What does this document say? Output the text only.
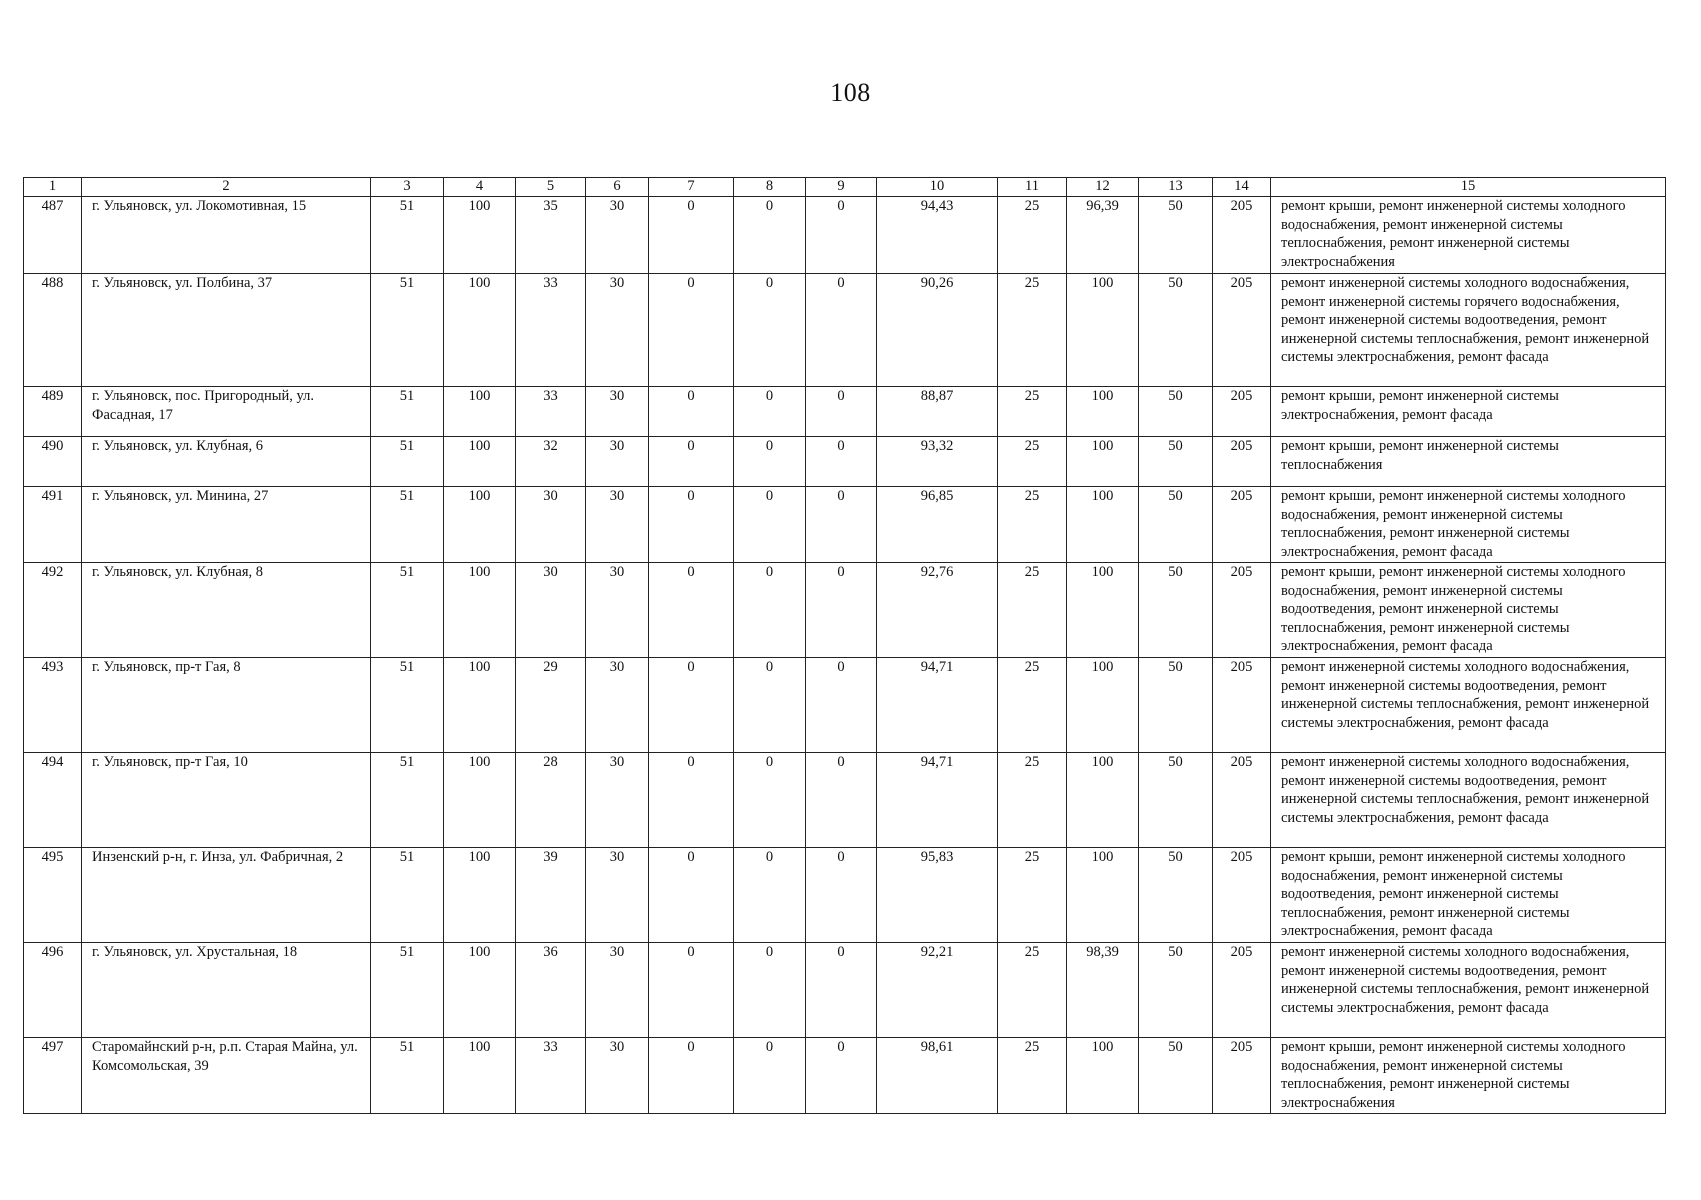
108
1	2	3	4	5	6	7	8	9	10	11	12	13	14	15
487	г. Ульяновск, ул. Локомотивная, 15	51	100	35	30	0	0	0	94,43	25	96,39	50	205	ремонт крыши, ремонт инженерной системы холодного водоснабжения, ремонт инженерной системы теплоснабжения, ремонт инженерной системы электроснабжения
488	г. Ульяновск, ул. Полбина, 37	51	100	33	30	0	0	0	90,26	25	100	50	205	ремонт инженерной системы холодного водоснабжения, ремонт инженерной системы горячего водоснабжения, ремонт инженерной системы водоотведения, ремонт инженерной системы теплоснабжения, ремонт инженерной системы электроснабжения, ремонт фасада
489	г. Ульяновск, пос. Пригородный, ул. Фасадная, 17	51	100	33	30	0	0	0	88,87	25	100	50	205	ремонт крыши, ремонт инженерной системы электроснабжения, ремонт фасада
490	г. Ульяновск, ул. Клубная, 6	51	100	32	30	0	0	0	93,32	25	100	50	205	ремонт крыши, ремонт инженерной системы теплоснабжения
491	г. Ульяновск, ул. Минина, 27	51	100	30	30	0	0	0	96,85	25	100	50	205	ремонт крыши, ремонт инженерной системы холодного водоснабжения, ремонт инженерной системы теплоснабжения, ремонт инженерной системы электроснабжения, ремонт фасада
492	г. Ульяновск, ул. Клубная, 8	51	100	30	30	0	0	0	92,76	25	100	50	205	ремонт крыши, ремонт инженерной системы холодного водоснабжения, ремонт инженерной системы водоотведения, ремонт инженерной системы теплоснабжения, ремонт инженерной системы электроснабжения, ремонт фасада
493	г. Ульяновск, пр-т Гая, 8	51	100	29	30	0	0	0	94,71	25	100	50	205	ремонт инженерной системы холодного водоснабжения, ремонт инженерной системы водоотведения, ремонт инженерной системы теплоснабжения, ремонт инженерной системы электроснабжения, ремонт фасада
494	г. Ульяновск, пр-т Гая, 10	51	100	28	30	0	0	0	94,71	25	100	50	205	ремонт инженерной системы холодного водоснабжения, ремонт инженерной системы водоотведения, ремонт инженерной системы теплоснабжения, ремонт инженерной системы электроснабжения, ремонт фасада
495	Инзенский р-н, г. Инза, ул. Фабричная, 2	51	100	39	30	0	0	0	95,83	25	100	50	205	ремонт крыши, ремонт инженерной системы холодного водоснабжения, ремонт инженерной системы водоотведения, ремонт инженерной системы теплоснабжения, ремонт инженерной системы электроснабжения, ремонт фасада
496	г. Ульяновск, ул. Хрустальная, 18	51	100	36	30	0	0	0	92,21	25	98,39	50	205	ремонт инженерной системы холодного водоснабжения, ремонт инженерной системы водоотведения, ремонт инженерной системы теплоснабжения, ремонт инженерной системы электроснабжения, ремонт фасада
497	Старомайнский р-н, р.п. Старая Майна, ул. Комсомольская, 39	51	100	33	30	0	0	0	98,61	25	100	50	205	ремонт крыши, ремонт инженерной системы холодного водоснабжения, ремонт инженерной системы теплоснабжения, ремонт инженерной системы электроснабжения
